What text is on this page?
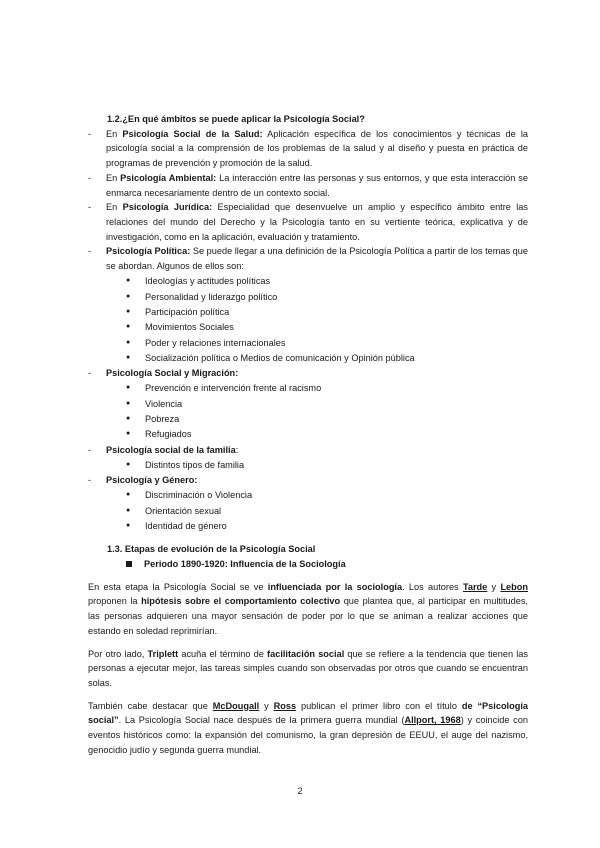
1.2.¿En qué ámbitos se puede aplicar la Psicología Social?
- En Psicología Social de la Salud: Aplicación específica de los conocimientos y técnicas de la psicología social a la comprensión de los problemas de la salud y al diseño y puesta en práctica de programas de prevención y promoción de la salud.
- En Psicología Ambiental: La interacción entre las personas y sus entornos, y que esta interacción se enmarca necesariamente dentro de un contexto social.
- En Psicología Jurídica: Especialidad que desenvuelve un amplio y específico ámbito entre las relaciones del mundo del Derecho y la Psicología tanto en su vertiente teórica, explicativa y de investigación, como en la aplicación, evaluación y tratamiento.
- Psicología Política: Se puede llegar a una definición de la Psicología Política a partir de los temas que se abordan. Algunos de ellos son:
● Ideologías y actitudes políticas
● Personalidad y liderazgo político
● Participación política
● Movimientos Sociales
● Poder y relaciones internacionales
● Socialización política o Medios de comunicación y Opinión pública
- Psicología Social y Migración:
● Prevención e intervención frente al racismo
● Violencia
● Pobreza
● Refugiados
- Psicología social de la familia:
● Distintos tipos de familia
- Psicología y Género:
● Discriminación o Violencia
● Orientación sexual
● Identidad de género
1.3. Etapas de evolución de la Psicología Social
Periodo 1890-1920: Influencia de la Sociología
En esta etapa la Psicología Social se ve influenciada por la sociología. Los autores Tarde y Lebon proponen la hipótesis sobre el comportamiento colectivo que plantea que, al participar en multitudes, las personas adquieren una mayor sensación de poder por lo que se animan a realizar acciones que estando en soledad reprimirían.
Por otro lado, Triplett acuña el término de facilitación social que se refiere a la tendencia que tienen las personas a ejecutar mejor, las tareas simples cuando son observadas por otros que cuando se encuentran solas.
También cabe destacar que McDougall y Ross publican el primer libro con el título de “Psicología social”. La Psicología Social nace después de la primera guerra mundial (Allport, 1968) y coincide con eventos históricos como: la expansión del comunismo, la gran depresión de EEUU, el auge del nazismo, genocidio judío y segunda guerra mundial.
2
